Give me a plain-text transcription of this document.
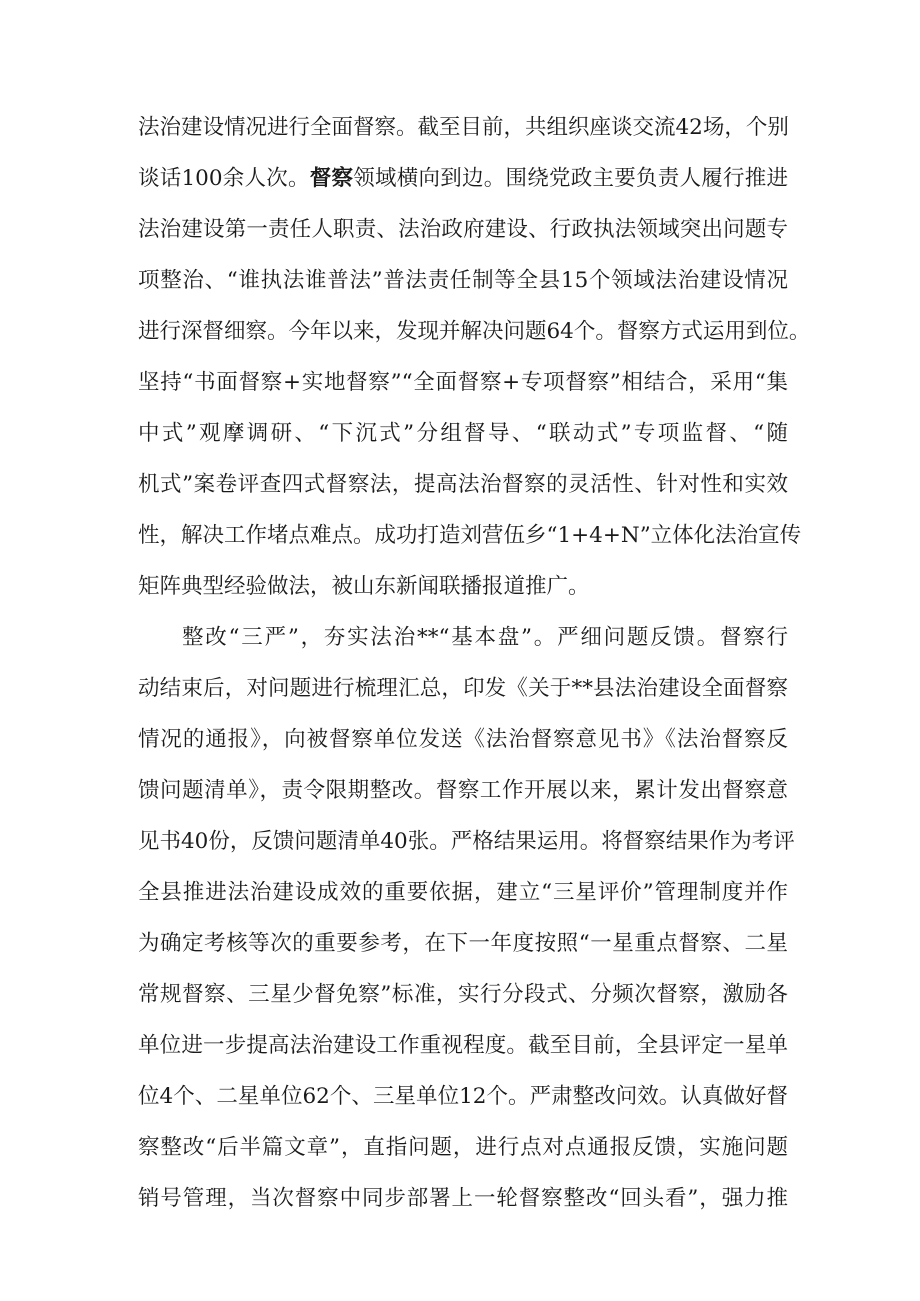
法治建设情况进行全面督察。截至目前，共组织座谈交流42场，个别
谈话100余人次。督察领域横向到边。围绕党政主要负责人履行推进
法治建设第一责任人职责、法治政府建设、行政执法领域突出问题专
项整治、“谁执法谁普法”普法责任制等全县15个领域法治建设情况
进行深督细察。今年以来，发现并解决问题64个。督察方式运用到位。
坚持“书面督察+实地督察”“全面督察+专项督察”相结合，采用“集
中式”观摩调研、“下沉式”分组督导、“联动式”专项监督、“随
机式”案卷评查四式督察法，提高法治督察的灵活性、针对性和实效
性，解决工作堵点难点。成功打造刘营伍乡“1+4+N”立体化法治宣传
矩阵典型经验做法，被山东新闻联播报道推广。
整改“三严”，夯实法治**“基本盘”。严细问题反馈。督察行
动结束后，对问题进行梳理汇总，印发《关于**县法治建设全面督察
情况的通报》，向被督察单位发送《法治督察意见书》《法治督察反
馈问题清单》，责令限期整改。督察工作开展以来，累计发出督察意
见书40份，反馈问题清单40张。严格结果运用。将督察结果作为考评
全县推进法治建设成效的重要依据，建立“三星评价”管理制度并作
为确定考核等次的重要参考，在下一年度按照“一星重点督察、二星
常规督察、三星少督免察”标准，实行分段式、分频次督察，激励各
单位进一步提高法治建设工作重视程度。截至目前，全县评定一星单
位4个、二星单位62个、三星单位12个。严肃整改问效。认真做好督
察整改“后半篇文章”，直指问题，进行点对点通报反馈，实施问题
销号管理，当次督察中同步部署上一轮督察整改“回头看”，强力推
